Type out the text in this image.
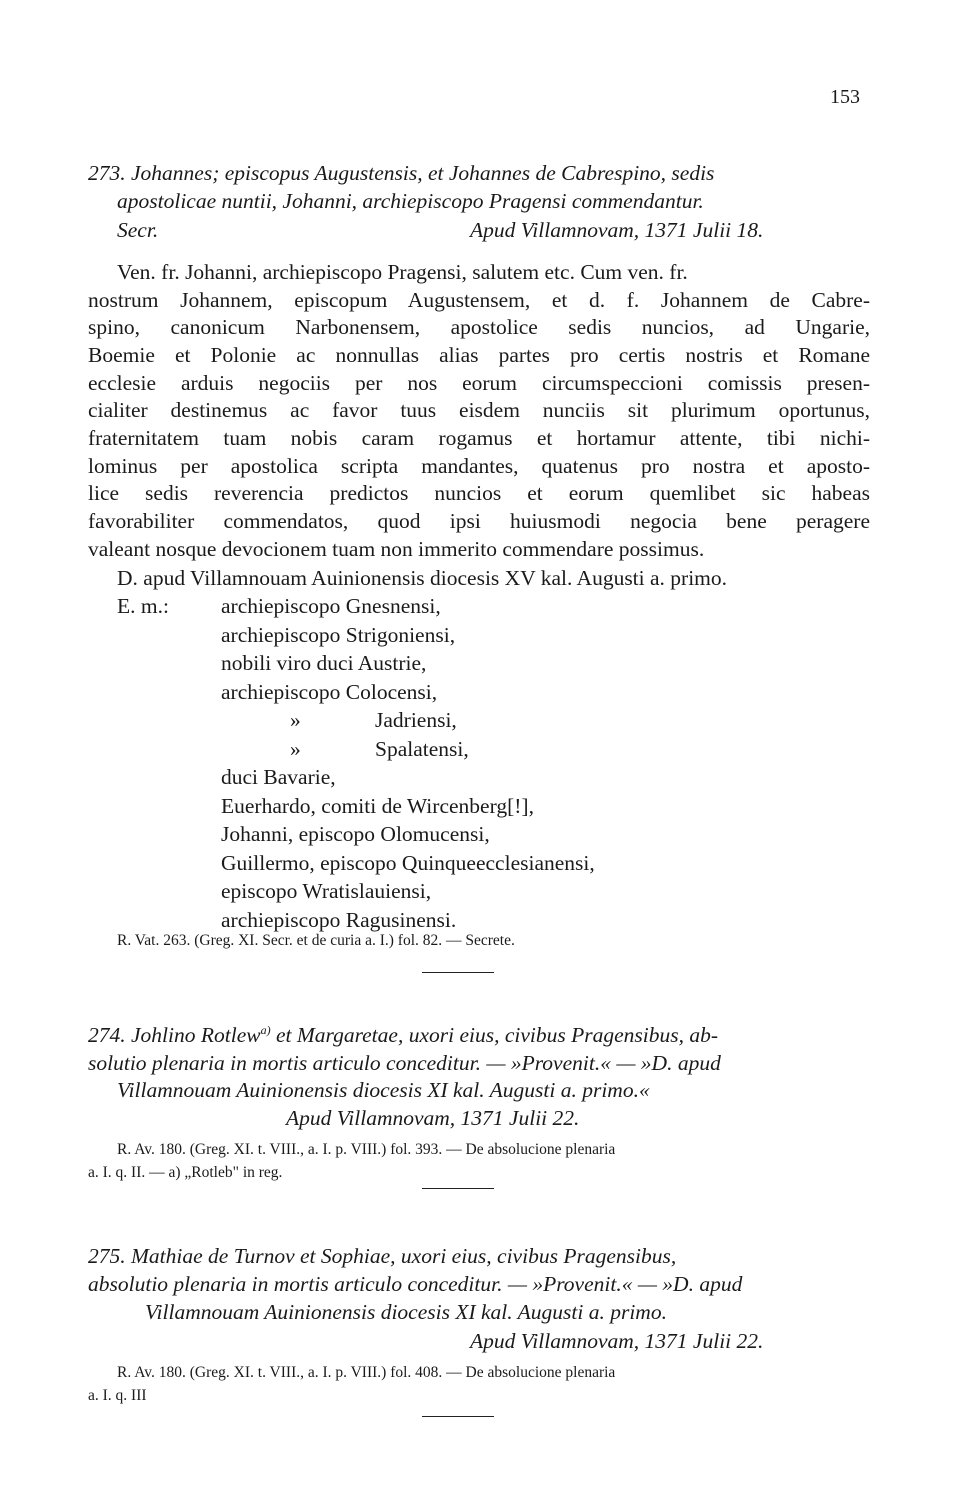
153
273. Johannes; episcopus Augustensis, et Johannes de Cabrespino, sedis
apostolicae nuntii, Johanni, archiepiscopo Pragensi commendantur.
Secr.	Apud Villamnovam, 1371 Julii 18.
Ven. fr. Johanni, archiepiscopo Pragensi, salutem etc. Cum ven. fr.
nostrum Johannem, episcopum Augustensem, et d. f. Johannem de Cabre-
spino, canonicum Narbonensem, apostolice sedis nuncios, ad Ungarie,
Boemie et Polonie ac nonnullas alias partes pro certis nostris et Romane
ecclesie arduis negociis per nos eorum circumspeccioni comissis presen-
cialiter destinemus ac favor tuus eisdem nunciis sit plurimum oportunus,
fraternitatem tuam nobis caram rogamus et hortamur attente, tibi nichi-
lominus per apostolica scripta mandantes, quatenus pro nostra et aposto-
lice sedis reverencia predictos nuncios et eorum quemlibet sic habeas
favorabiliter commendatos, quod ipsi huiusmodi negocia bene peragere
valeant nosque devocionem tuam non immerito commendare possimus.
D. apud Villamnouam Auinionensis diocesis XV kal. Augusti a. primo.
E. m.: archiepiscopo Gnesnensi,
archiepiscopo Strigoniensi,
nobili viro duci Austrie,
archiepiscopo Colocensi,
»	Jadriensi,
»	Spalatensi,
duci Bavarie,
Euerhardo, comiti de Wircenberg[!],
Johanni, episcopo Olomucensi,
Guillermo, episcopo Quinqueecclesianensi,
episcopo Wratislauiensi,
archiepiscopo Ragusinensi.
R. Vat. 263. (Greg. XI. Secr. et de curia a. I.) fol. 82. — Secrete.
274. Johlino Rotlew$^{a)}$ et Margaretae, uxori eius, civibus Pragensibus, ab-
solutio plenaria in mortis articulo conceditur. — »Provenit.« — »D. apud
Villamnouam Auinionensis diocesis XI kal. Augusti a. primo.«
Apud Villamnovam, 1371 Julii 22.
R. Av. 180. (Greg. XI. t. VIII., a. I. p. VIII.) fol. 393. — De absolucione plenaria
a. I. q. II. — a) „Rotleb" in reg.
275. Mathiae de Turnov et Sophiae, uxori eius, civibus Pragensibus,
absolutio plenaria in mortis articulo conceditur. — »Provenit.« — »D. apud
Villamnouam Auinionensis diocesis XI kal. Augusti a. primo.
Apud Villamnovam, 1371 Julii 22.
R. Av. 180. (Greg. XI. t. VIII., a. I. p. VIII.) fol. 408. — De absolucione plenaria
a. I. q. III
